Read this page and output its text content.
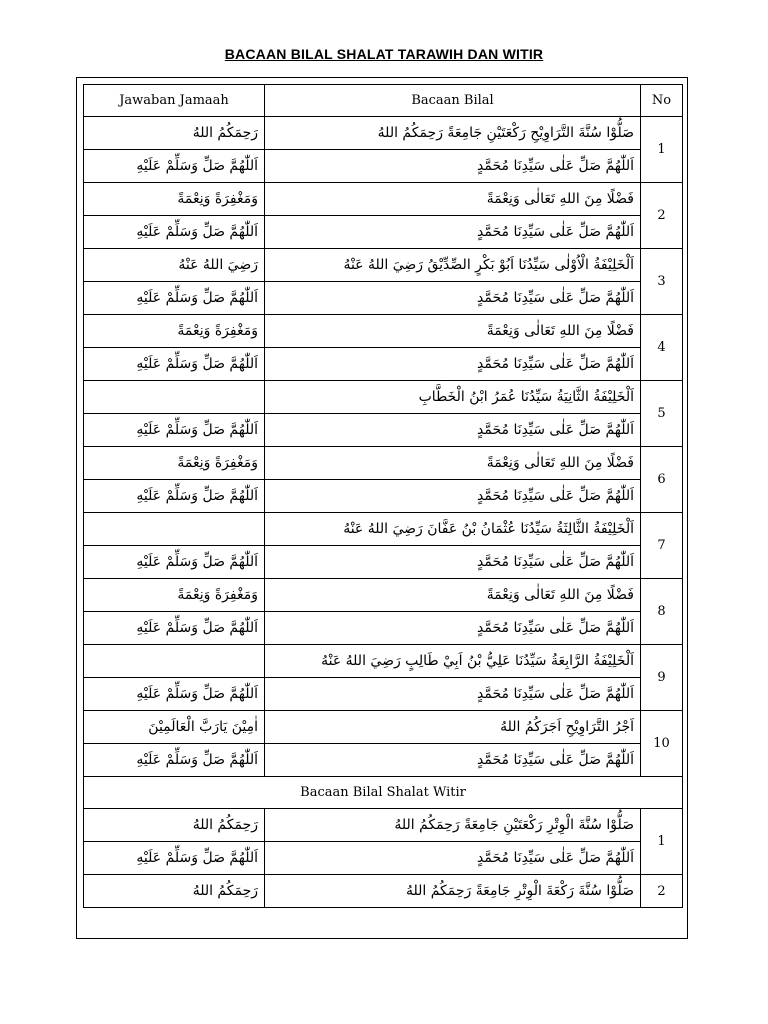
BACAAN BILAL SHALAT TARAWIH DAN WITIR
Jawaban Jamaah	Bacaan Bilal	No
رَحِمَكُمُ اللهُ	صَلُّوْا سُنَّةَ التَّرَاوِيْحِ رَكْعَتَيْنِ جَامِعَةً رَحِمَكُمُ اللهُ	1
اَللّٰهُمَّ صَلِّ وَسَلِّمْ عَلَيْهِ	اَللّٰهُمَّ صَلِّ عَلٰى سَيِّدِنَا مُحَمَّدٍ	
وَمَغْفِرَةً وَنِعْمَةً	فَضْلًا مِنَ اللهِ تَعَالٰى وَنِعْمَةً	2
اَللّٰهُمَّ صَلِّ وَسَلِّمْ عَلَيْهِ	اَللّٰهُمَّ صَلِّ عَلٰى سَيِّدِنَا مُحَمَّدٍ	
رَضِيَ اللهُ عَنْهُ	اَلْخَلِيْفَةُ الْاُوْلٰى سَيِّدُنَا اَبُوْ بَكْرٍ الصِّدِّيْقُ رَضِيَ اللهُ عَنْهُ	3
اَللّٰهُمَّ صَلِّ وَسَلِّمْ عَلَيْهِ	اَللّٰهُمَّ صَلِّ عَلٰى سَيِّدِنَا مُحَمَّدٍ	
وَمَغْفِرَةً وَنِعْمَةً	فَضْلًا مِنَ اللهِ تَعَالٰى وَنِعْمَةً	4
اَللّٰهُمَّ صَلِّ وَسَلِّمْ عَلَيْهِ	اَللّٰهُمَّ صَلِّ عَلٰى سَيِّدِنَا مُحَمَّدٍ	
	اَلْخَلِيْفَةُ الثَّانِيَةُ سَيِّدُنَا عُمَرُ ابْنُ الْخَطَّابِ	5
اَللّٰهُمَّ صَلِّ وَسَلِّمْ عَلَيْهِ	اَللّٰهُمَّ صَلِّ عَلٰى سَيِّدِنَا مُحَمَّدٍ	
وَمَغْفِرَةً وَنِعْمَةً	فَضْلًا مِنَ اللهِ تَعَالٰى وَنِعْمَةً	6
اَللّٰهُمَّ صَلِّ وَسَلِّمْ عَلَيْهِ	اَللّٰهُمَّ صَلِّ عَلٰى سَيِّدِنَا مُحَمَّدٍ	
	اَلْخَلِيْفَةُ الثَّالِثَةُ سَيِّدُنَا عُثْمَانُ بْنُ عَفَّانَ رَضِيَ اللهُ عَنْهُ	7
اَللّٰهُمَّ صَلِّ وَسَلِّمْ عَلَيْهِ	اَللّٰهُمَّ صَلِّ عَلٰى سَيِّدِنَا مُحَمَّدٍ	
وَمَغْفِرَةً وَنِعْمَةً	فَضْلًا مِنَ اللهِ تَعَالٰى وَنِعْمَةً	8
اَللّٰهُمَّ صَلِّ وَسَلِّمْ عَلَيْهِ	اَللّٰهُمَّ صَلِّ عَلٰى سَيِّدِنَا مُحَمَّدٍ	
	اَلْخَلِيْفَةُ الرَّابِعَةُ سَيِّدُنَا عَلِيُّ بْنُ اَبِيْ طَالِبٍ رَضِيَ اللهُ عَنْهُ	9
اَللّٰهُمَّ صَلِّ وَسَلِّمْ عَلَيْهِ	اَللّٰهُمَّ صَلِّ عَلٰى سَيِّدِنَا مُحَمَّدٍ	
اٰمِيْنَ يَارَبَّ الْعَالَمِيْنَ	اَجْرُ التَّرَاوِيْحِ اَجَرَكُمُ اللهُ	10
اَللّٰهُمَّ صَلِّ وَسَلِّمْ عَلَيْهِ	اَللّٰهُمَّ صَلِّ عَلٰى سَيِّدِنَا مُحَمَّدٍ	
Bacaan Bilal Shalat Witir		
رَحِمَكُمُ اللهُ	صَلُّوْا سُنَّةَ الْوِتْرِ رَكْعَتَيْنِ جَامِعَةً رَحِمَكُمُ اللهُ	1
اَللّٰهُمَّ صَلِّ وَسَلِّمْ عَلَيْهِ	اَللّٰهُمَّ صَلِّ عَلٰى سَيِّدِنَا مُحَمَّدٍ	
رَحِمَكُمُ اللهُ	صَلُّوْا سُنَّةَ رَكْعَةَ الْوِتْرِ جَامِعَةً رَحِمَكُمُ اللهُ	2
